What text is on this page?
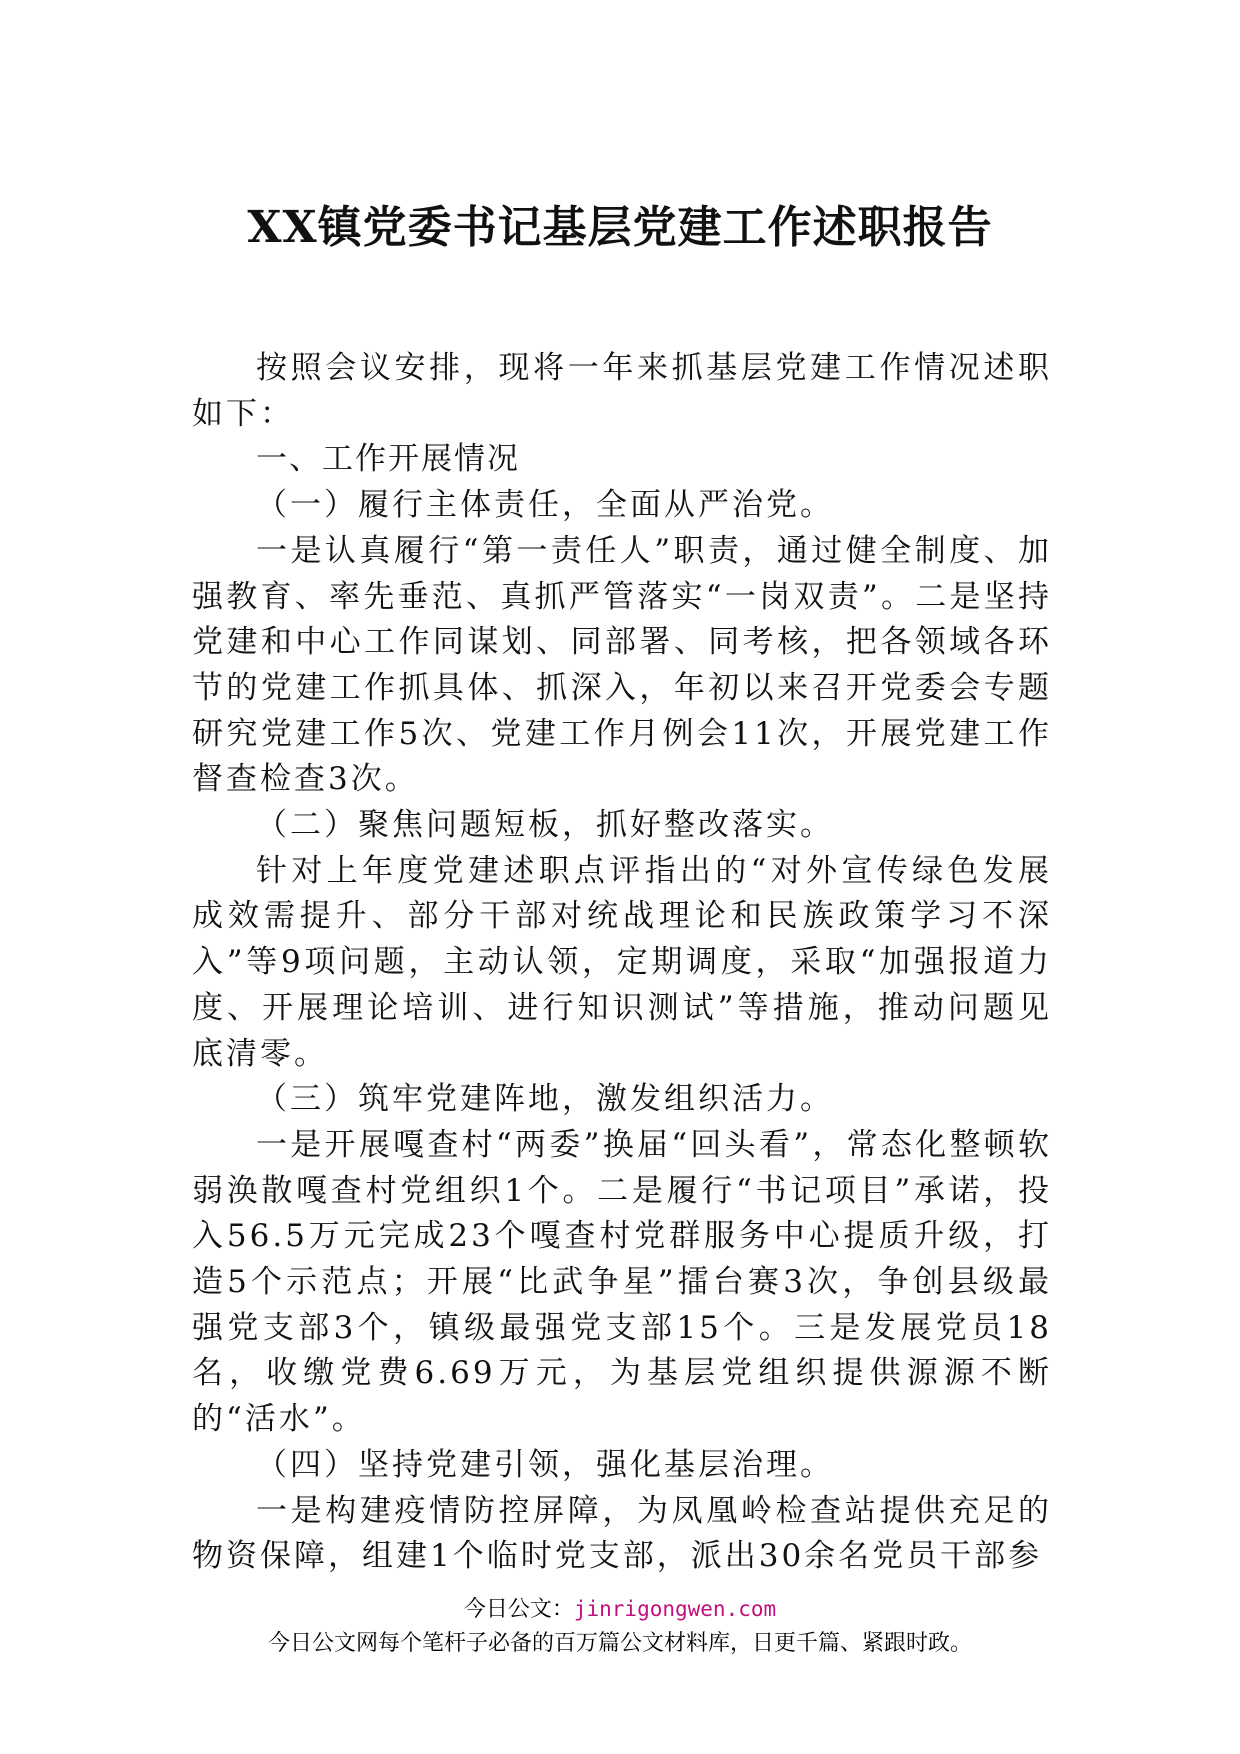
XX镇党委书记基层党建工作述职报告

按照会议安排，现将一年来抓基层党建工作情况述职如下：

一、工作开展情况

（一）履行主体责任，全面从严治党。

一是认真履行“第一责任人”职责，通过健全制度、加强教育、率先垂范、真抓严管落实“一岗双责”。二是坚持党建和中心工作同谋划、同部署、同考核，把各领域各环节的党建工作抓具体、抓深入，年初以来召开党委会专题研究党建工作5次、党建工作月例会11次，开展党建工作督查检查3次。

（二）聚焦问题短板，抓好整改落实。

针对上年度党建述职点评指出的“对外宣传绿色发展成效需提升、部分干部对统战理论和民族政策学习不深入”等9项问题，主动认领，定期调度，采取“加强报道力度、开展理论培训、进行知识测试”等措施，推动问题见底清零。

（三）筑牢党建阵地，激发组织活力。

一是开展嘎查村“两委”换届“回头看”，常态化整顿软弱涣散嘎查村党组织1个。二是履行“书记项目”承诺，投入56.5万元完成23个嘎查村党群服务中心提质升级，打造5个示范点；开展“比武争星”擂台赛3次，争创县级最强党支部3个，镇级最强党支部15个。三是发展党员18名，收缴党费6.69万元，为基层党组织提供源源不断的“活水”。

（四）坚持党建引领，强化基层治理。

一是构建疫情防控屏障，为凤凰岭检查站提供充足的物资保障，组建1个临时党支部，派出30余名党员干部参

今日公文：jinrigongwen.com
今日公文网每个笔杆子必备的百万篇公文材料库，日更千篇、紧跟时政。
